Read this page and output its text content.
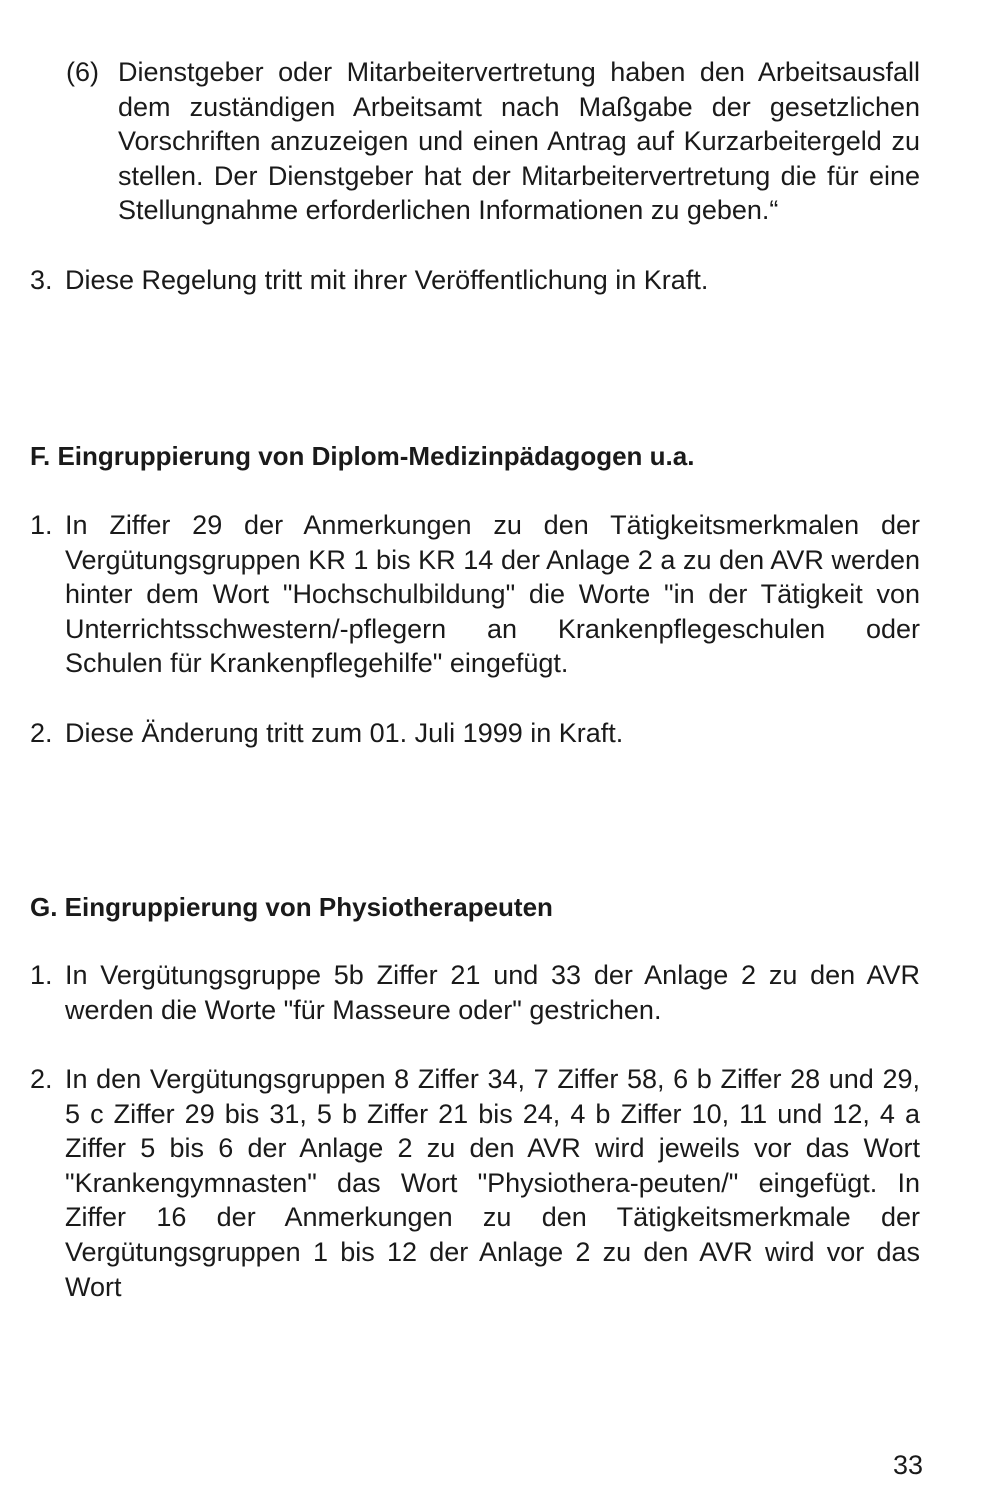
(6) Dienstgeber oder Mitarbeitervertretung haben den Arbeitsausfall dem zuständigen Arbeitsamt nach Maßgabe der gesetzlichen Vorschriften anzuzeigen und einen Antrag auf Kurzarbeitergeld zu stellen. Der Dienstgeber hat der Mitarbeitervertretung die für eine Stellungnahme erforderlichen Informationen zu geben.“
3. Diese Regelung tritt mit ihrer Veröffentlichung in Kraft.
F. Eingruppierung von Diplom-Medizinpädagogen u.a.
1. In Ziffer 29 der Anmerkungen zu den Tätigkeitsmerkmalen der Vergütungsgruppen KR 1 bis KR 14 der Anlage 2 a zu den AVR werden hinter dem Wort "Hochschulbildung" die Worte "in der Tätigkeit von Unterrichtsschwestern/-pflegern an Krankenpflegeschulen oder Schulen für Krankenpflegehilfe" eingefügt.
2. Diese Änderung tritt zum 01. Juli 1999 in Kraft.
G. Eingruppierung von Physiotherapeuten
1. In Vergütungsgruppe 5b Ziffer 21 und 33 der Anlage 2 zu den AVR werden die Worte "für Masseure oder" gestrichen.
2. In den Vergütungsgruppen 8 Ziffer 34, 7 Ziffer 58, 6 b Ziffer 28 und 29, 5 c Ziffer 29 bis 31, 5 b Ziffer 21 bis 24, 4 b Ziffer 10, 11 und 12, 4 a Ziffer 5 bis 6 der Anlage 2 zu den AVR wird jeweils vor das Wort "Krankengymnasten" das Wort "Physiothera-peuten/" eingefügt. In Ziffer 16 der Anmerkungen zu den Tätigkeitsmerkmale der Vergütungsgruppen 1 bis 12 der Anlage 2 zu den AVR wird vor das Wort
33
